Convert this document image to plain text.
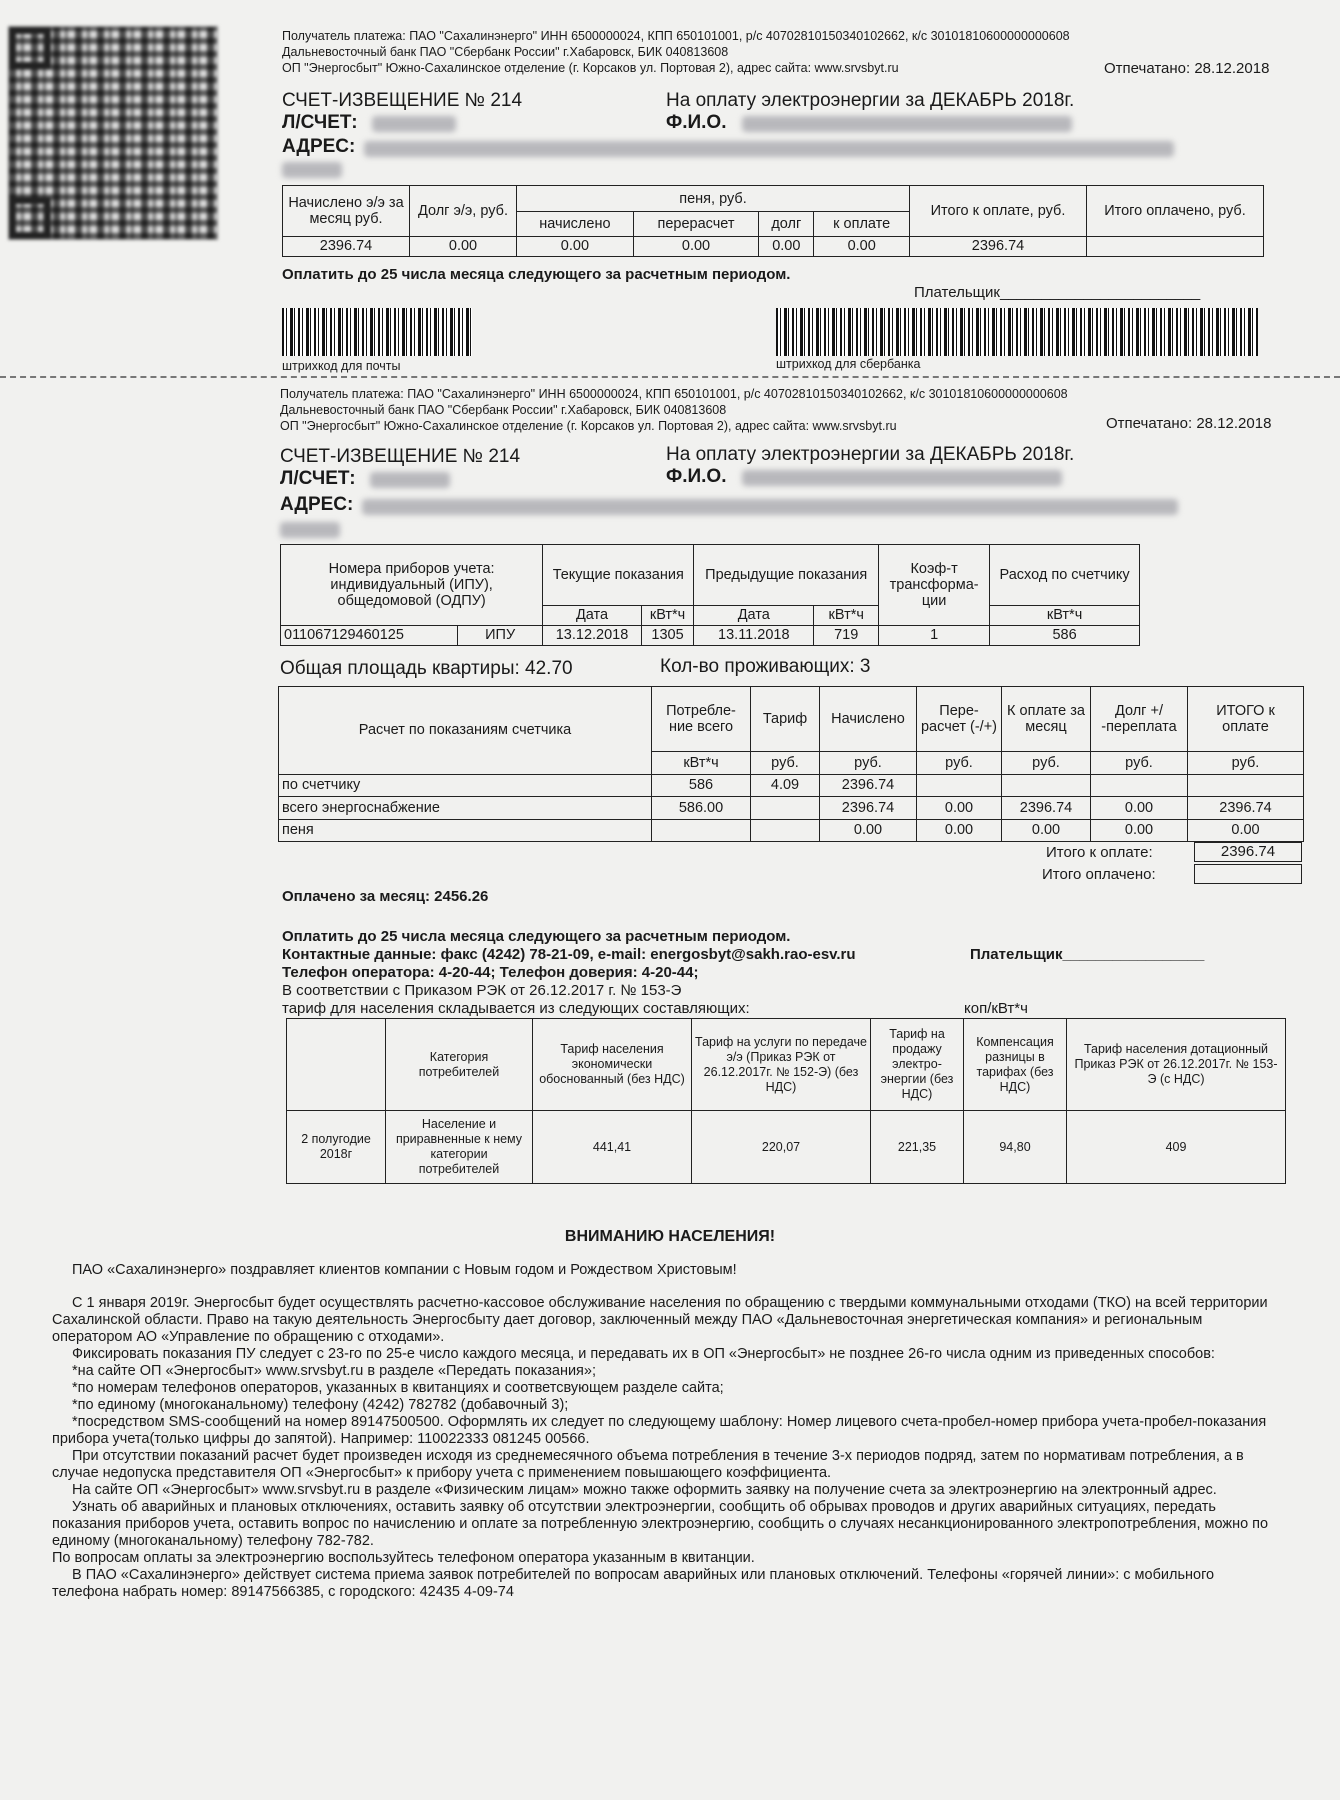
Получатель платежа: ПАО "Сахалинэнерго" ИНН 6500000024, КПП 650101001, р/с 40702810150340102662, к/с 30101810600000000608
Дальневосточный банк ПАО "Сбербанк России" г.Хабаровск, БИК 040813608
ОП "Энергосбыт" Южно-Сахалинское отделение (г. Корсаков ул. Портовая 2), адрес сайта: www.srvsbyt.ru	Отпечатано: 28.12.2018
СЧЕТ-ИЗВЕЩЕНИЕ № 214	На оплату электроэнергии за ДЕКАБРЬ 2018г.
Л/СЧЕТ:	Ф.И.О.
АДРЕС:
Начислено э/э за месяц руб.	Долг э/э, руб.	пеня, руб.				Итого к оплате, руб.	Итого оплачено, руб.
		начислено	перерасчет	долг	к оплате		
2396.74	0.00	0.00	0.00	0.00	0.00	2396.74	
Оплатить до 25 числа месяца следующего за расчетным периодом.
Плательщик________________________
штрихкод для почты	штрихкод для сбербанка
Получатель платежа: ПАО "Сахалинэнерго" ИНН 6500000024, КПП 650101001, р/с 40702810150340102662, к/с 30101810600000000608
Дальневосточный банк ПАО "Сбербанк России" г.Хабаровск, БИК 040813608
ОП "Энергосбыт" Южно-Сахалинское отделение (г. Корсаков ул. Портовая 2), адрес сайта: www.srvsbyt.ru	Отпечатано: 28.12.2018
СЧЕТ-ИЗВЕЩЕНИЕ № 214	На оплату электроэнергии за ДЕКАБРЬ 2018г.
Л/СЧЕТ:	Ф.И.О.
АДРЕС:
Номера приборов учета: индивидуальный (ИПУ), общедомовой (ОДПУ)		Текущие показания		Предыдущие показания		Коэф-т трансформа-ции	Расход по счетчику
		Дата	кВт*ч	Дата	кВт*ч		кВт*ч
011067129460125	ИПУ	13.12.2018	1305	13.11.2018	719	1	586
Общая площадь квартиры: 42.70	Кол-во проживающих: 3
Расчет по показаниям счетчика	Потребле-ние всего	Тариф	Начислено	Пере-расчет (-/+)	К оплате за месяц	Долг +/ -переплата	ИТОГО к оплате
	кВт*ч	руб.	руб.	руб.	руб.	руб.	руб.
по счетчику	586	4.09	2396.74				
всего энергоснабжение	586.00		2396.74	0.00	2396.74	0.00	2396.74
пеня			0.00	0.00	0.00	0.00	0.00
Итого к оплате:	2396.74
Итого оплачено:
Оплачено за месяц: 2456.26
Оплатить до 25 числа месяца следующего за расчетным периодом.
Контактные данные: факс (4242) 78-21-09, e-mail: energosbyt@sakh.rao-esv.ru	Плательщик_________________
Телефон оператора: 4-20-44; Телефон доверия: 4-20-44;
В соответствии с Приказом РЭК от 26.12.2017 г. № 153-Э
тариф для населения складывается из следующих составляющих:	коп/кВт*ч
	Категория потребителей	Тариф населения экономически обоснованный (без НДС)	Тариф на услуги по передаче э/э (Приказ РЭК от 26.12.2017г. № 152-Э) (без НДС)	Тариф на продажу электро-энергии (без НДС)	Компенсация разницы в тарифах (без НДС)	Тариф населения дотационный Приказ РЭК от 26.12.2017г. № 153-Э (с НДС)
2 полугодие 2018г	Население и приравненные к нему категории потребителей	441,41	220,07	221,35	94,80	409
ВНИМАНИЮ НАСЕЛЕНИЯ!

ПАО «Сахалинэнерго» поздравляет клиентов компании с Новым годом и Рождеством Христовым!

С 1 января 2019г. Энергосбыт будет осуществлять расчетно-кассовое обслуживание населения по обращению с твердыми коммунальными отходами (ТКО) на всей территории Сахалинской области. Право на такую деятельность Энергосбыту дает договор, заключенный между ПАО «Дальневосточная энергетическая компания» и региональным оператором АО «Управление по обращению с отходами».

Фиксировать показания ПУ следует с 23-го по 25-е число каждого месяца, и передавать их в ОП «Энергосбыт» не позднее 26-го числа одним из приведенных способов:

*на сайте ОП «Энергосбыт» www.srvsbyt.ru в разделе «Передать показания»;

*по номерам телефонов операторов, указанных в квитанциях и соответсвующем разделе сайта;

*по единому (многоканальному) телефону (4242) 782782 (добавочный 3);

*посредством SMS-сообщений на номер 89147500500. Оформлять их следует по следующему шаблону: Номер лицевого счета-пробел-номер прибора учета-пробел-показания прибора учета(только цифры до запятой). Например: 110022333 081245 00566.

При отсутствии показаний расчет будет произведен исходя из среднемесячного объема потребления в течение 3-х периодов подряд, затем по нормативам потребления, а в случае недопуска представителя ОП «Энергосбыт» к прибору учета с применением повышающего коэффициента.

На сайте ОП «Энергосбыт» www.srvsbyt.ru в разделе «Физическим лицам» можно также оформить заявку на получение счета за электроэнергию на электронный адрес.

Узнать об аварийных и плановых отключениях, оставить заявку об отсутствии электроэнергии, сообщить об обрывах проводов и других аварийных ситуациях, передать показания приборов учета, оставить вопрос по начислению и оплате за потребленную электроэнергию, сообщить о случаях несанкционированного электропотребления, можно по единому (многоканальному) телефону 782-782.

По вопросам оплаты за электроэнергию воспользуйтесь телефоном оператора указанным в квитанции.

В ПАО «Сахалинэнерго» действует система приема заявок потребителей по вопросам аварийных или плановых отключений. Телефоны «горячей линии»: с мобильного телефона набрать номер: 89147566385, с городского: 42435 4-09-74
